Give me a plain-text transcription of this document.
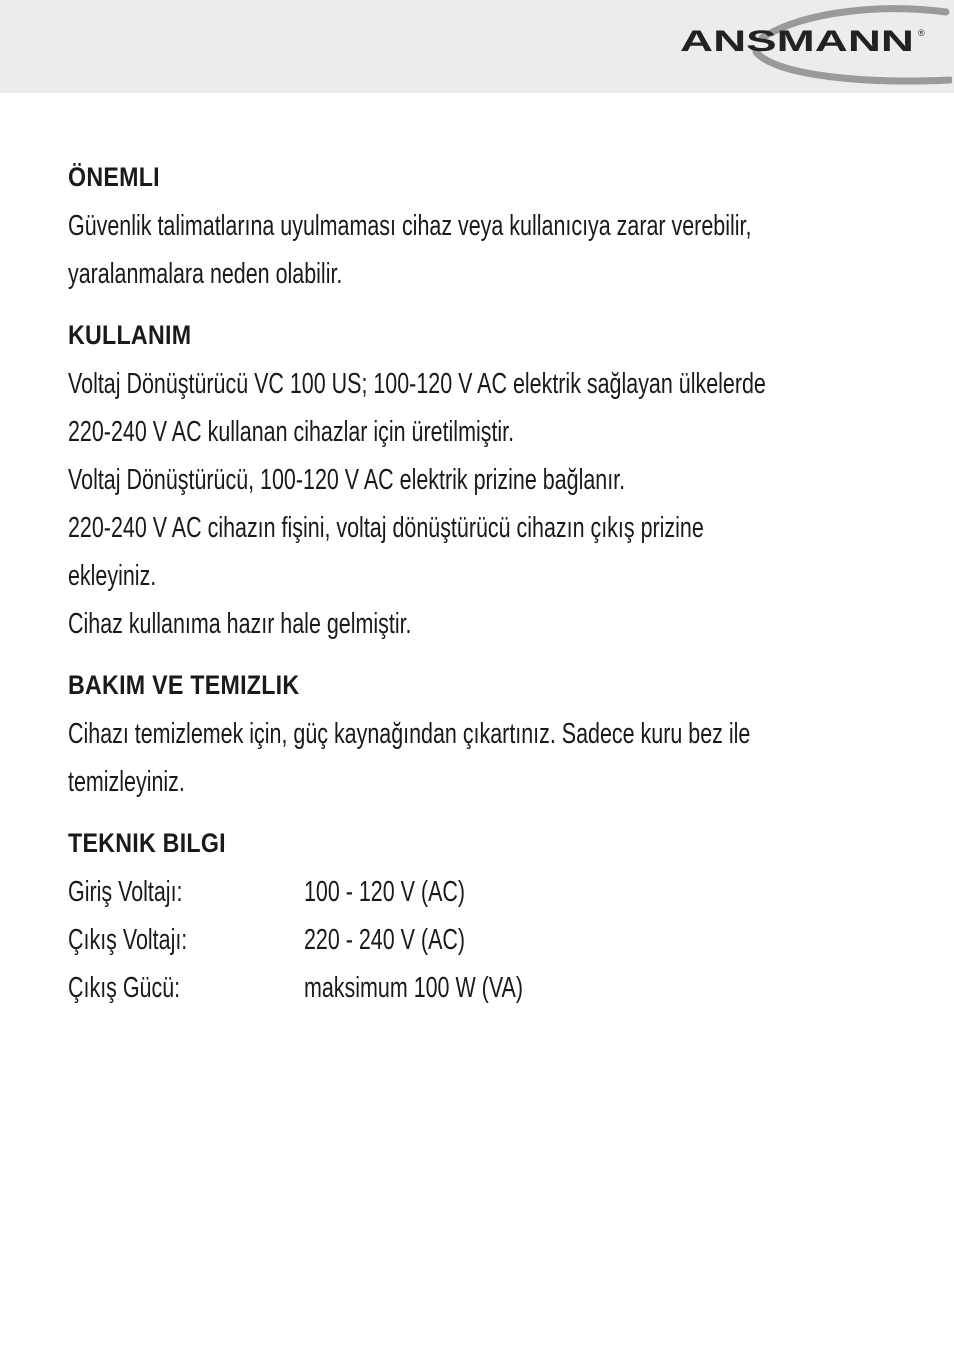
ANSMANN ®
ÖNEMLI
Güvenlik talimatlarına uyulmaması cihaz veya kullanıcıya zarar verebilir,
yaralanmalara neden olabilir.
KULLANIM
Voltaj Dönüştürücü VC 100 US; 100-120 V AC elektrik sağlayan ülkelerde
220-240 V AC kullanan cihazlar için üretilmiştir.
Voltaj Dönüştürücü, 100-120 V AC elektrik prizine bağlanır.
220-240 V AC cihazın fişini, voltaj dönüştürücü cihazın çıkış prizine
ekleyiniz.
Cihaz kullanıma hazır hale gelmiştir.
BAKIM VE TEMIZLIK
Cihazı temizlemek için, güç kaynağından çıkartınız. Sadece kuru bez ile
temizleyiniz.
TEKNIK BILGI
Giriş Voltajı:	100 - 120 V (AC)
Çıkış Voltajı:	220 - 240 V (AC)
Çıkış Gücü:	maksimum 100 W (VA)
